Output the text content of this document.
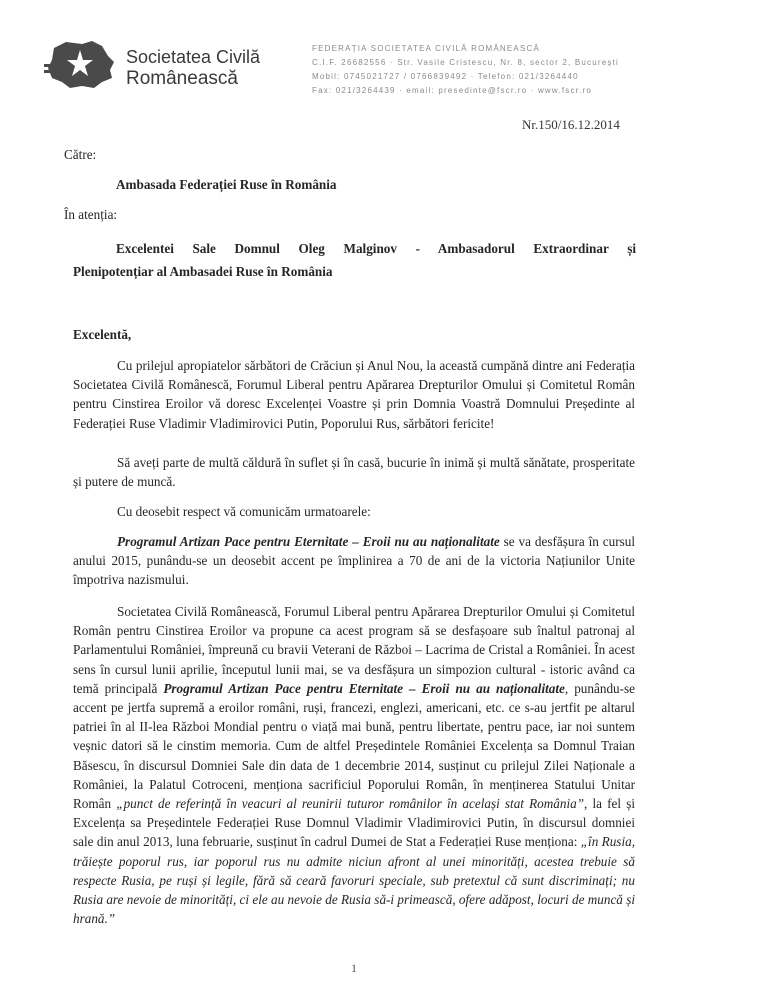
Societatea Civilă
Românească
FEDERAȚIA SOCIETATEA CIVILĂ ROMÂNEASCĂ
C.I.F. 26682556 · Str. Vasile Cristescu, Nr. 8, sector 2, București
Mobil: 0745021727 / 0766839492 · Telefon: 021/3264440
Fax: 021/3264439 · email: presedinte@fscr.ro · www.fscr.ro
Nr.150/16.12.2014
Către:
Ambasada Federației Ruse în România
În atenția:
Excelentei Sale Domnul Oleg Malginov - Ambasadorul Extraordinar și
Plenipotențiar al Ambasadei Ruse în România
Excelentă,

Cu prilejul apropiatelor sărbători de Crăciun și Anul Nou, la această cumpănă dintre ani Federația Societatea Civilă Românescă, Forumul Liberal pentru Apărarea Drepturilor Omului și Comitetul Român pentru Cinstirea Eroilor vă doresc Excelenței Voastre și prin Domnia Voastră Domnului Președinte al Federației Ruse Vladimir Vladimirovici Putin, Poporului Rus, sărbători fericite!

Să aveți parte de multă căldură în suflet și în casă, bucurie în inimă și multă sănătate, prosperitate și putere de muncă.

Cu deosebit respect vă comunicăm urmatoarele:

Programul Artizan Pace pentru Eternitate – Eroii nu au naționalitate se va desfășura în cursul anului 2015, punându-se un deosebit accent pe împlinirea a 70 de ani de la victoria Națiunilor Unite împotriva nazismului.

Societatea Civilă Românească, Forumul Liberal pentru Apărarea Drepturilor Omului și Comitetul Român pentru Cinstirea Eroilor va propune ca acest program să se desfașoare sub înaltul patronaj al Parlamentului României, împreună cu bravii Veterani de Război – Lacrima de Cristal a României. În acest sens în cursul lunii aprilie, începutul lunii mai, se va desfășura un simpozion cultural - istoric având ca temă principală Programul Artizan Pace pentru Eternitate – Eroii nu au naționalitate, punându-se accent pe jertfa supremă a eroilor români, ruși, francezi, englezi, americani, etc. ce s-au jertfit pe altarul patriei în al II-lea Război Mondial pentru o viață mai bună, pentru libertate, pentru pace, iar noi suntem veșnic datori să le cinstim memoria. Cum de altfel Președintele României Excelența sa Domnul Traian Băsescu, în discursul Domniei Sale din data de 1 decembrie 2014, susținut cu prilejul Zilei Naționale a României, la Palatul Cotroceni, menționa sacrificiul Poporului Român, în menținerea Statului Unitar Român „punct de referință în veacuri al reunirii tuturor românilor în același stat România”, la fel și Excelența sa Președintele Federației Ruse Domnul Vladimir Vladimirovici Putin, în discursul domniei sale din anul 2013, luna februarie, susținut în cadrul Dumei de Stat a Federației Ruse menționa: „în Rusia, trăiește poporul rus, iar poporul rus nu admite niciun afront al unei minorități, acestea trebuie să respecte Rusia, pe ruși și legile, fără să ceară favoruri speciale, sub pretextul că sunt discriminați; nu Rusia are nevoie de minorități, ci ele au nevoie de Rusia să-i primească, ofere adăpost, locuri de muncă și hrană.”

1
